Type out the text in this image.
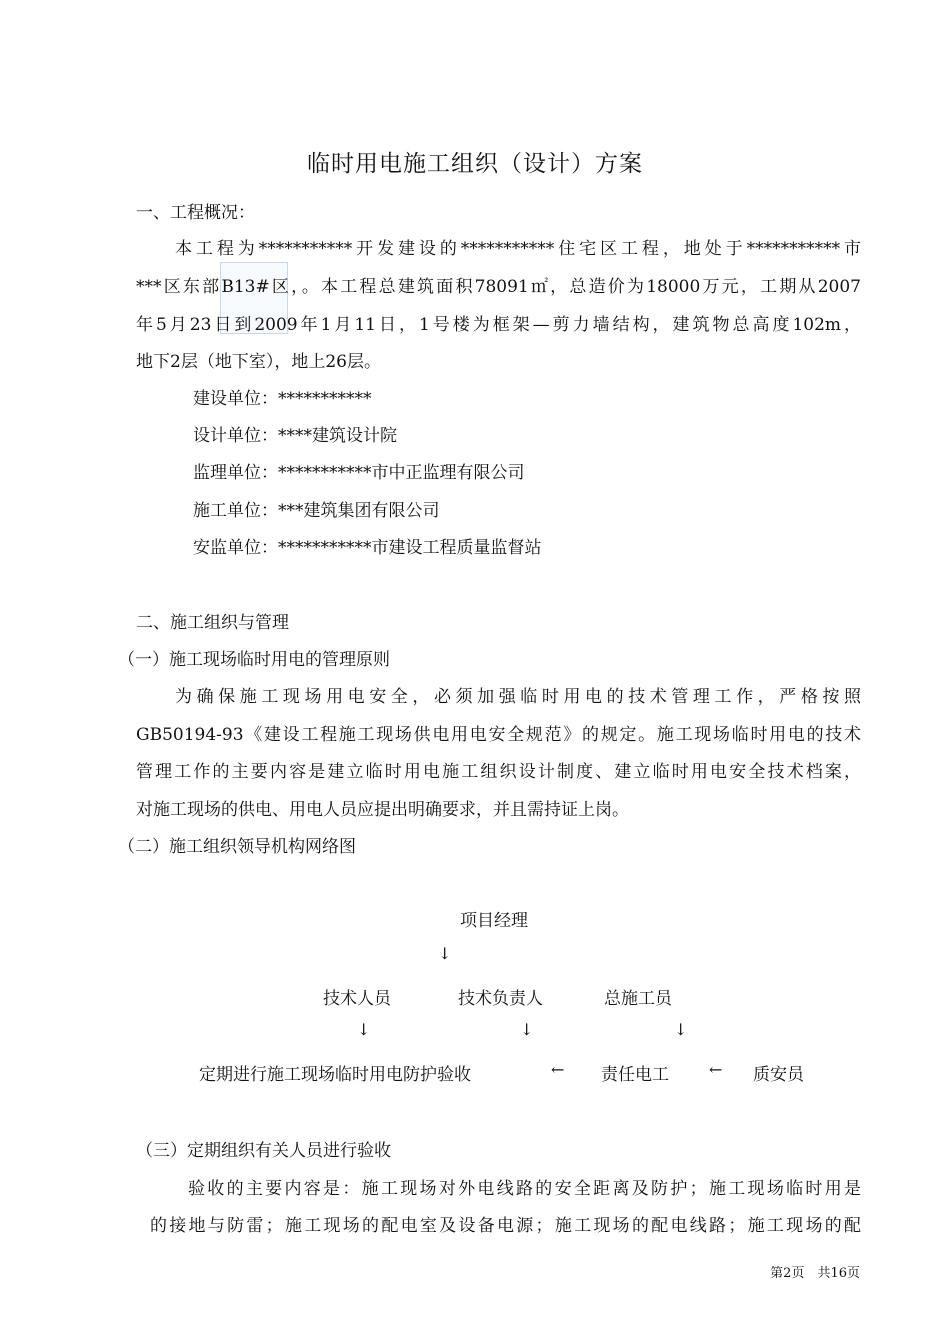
临时用电施工组织（设计）方案
一、工程概况：
本工程为***********开发建设的***********住宅区工程，地处于***********市
***区东部B13#区，。本工程总建筑面积78091㎡，总造价为18000万元，工期从2007
年5月23日到2009年1月11日，1号楼为框架—剪力墙结构，建筑物总高度102m，
地下2层（地下室），地上26层。
建设单位：***********
设计单位：****建筑设计院
监理单位：***********市中正监理有限公司
施工单位：***建筑集团有限公司
安监单位：***********市建设工程质量监督站
二、施工组织与管理
（一）施工现场临时用电的管理原则
为确保施工现场用电安全，必须加强临时用电的技术管理工作，严格按照
GB50194-93《建设工程施工现场供电用电安全规范》的规定。施工现场临时用电的技术
管理工作的主要内容是建立临时用电施工组织设计制度、建立临时用电安全技术档案，
对施工现场的供电、用电人员应提出明确要求，并且需持证上岗。
（二）施工组织领导机构网络图
项目经理
↓
技术人员	技术负责人	总施工员
↓	↓	↓
定期进行施工现场临时用电防护验收	← 责任电工	← 质安员
（三）定期组织有关人员进行验收
验收的主要内容是：施工现场对外电线路的安全距离及防护；施工现场临时用是
的接地与防雷；施工现场的配电室及设备电源；施工现场的配电线路；施工现场的配
第2页　共16页
